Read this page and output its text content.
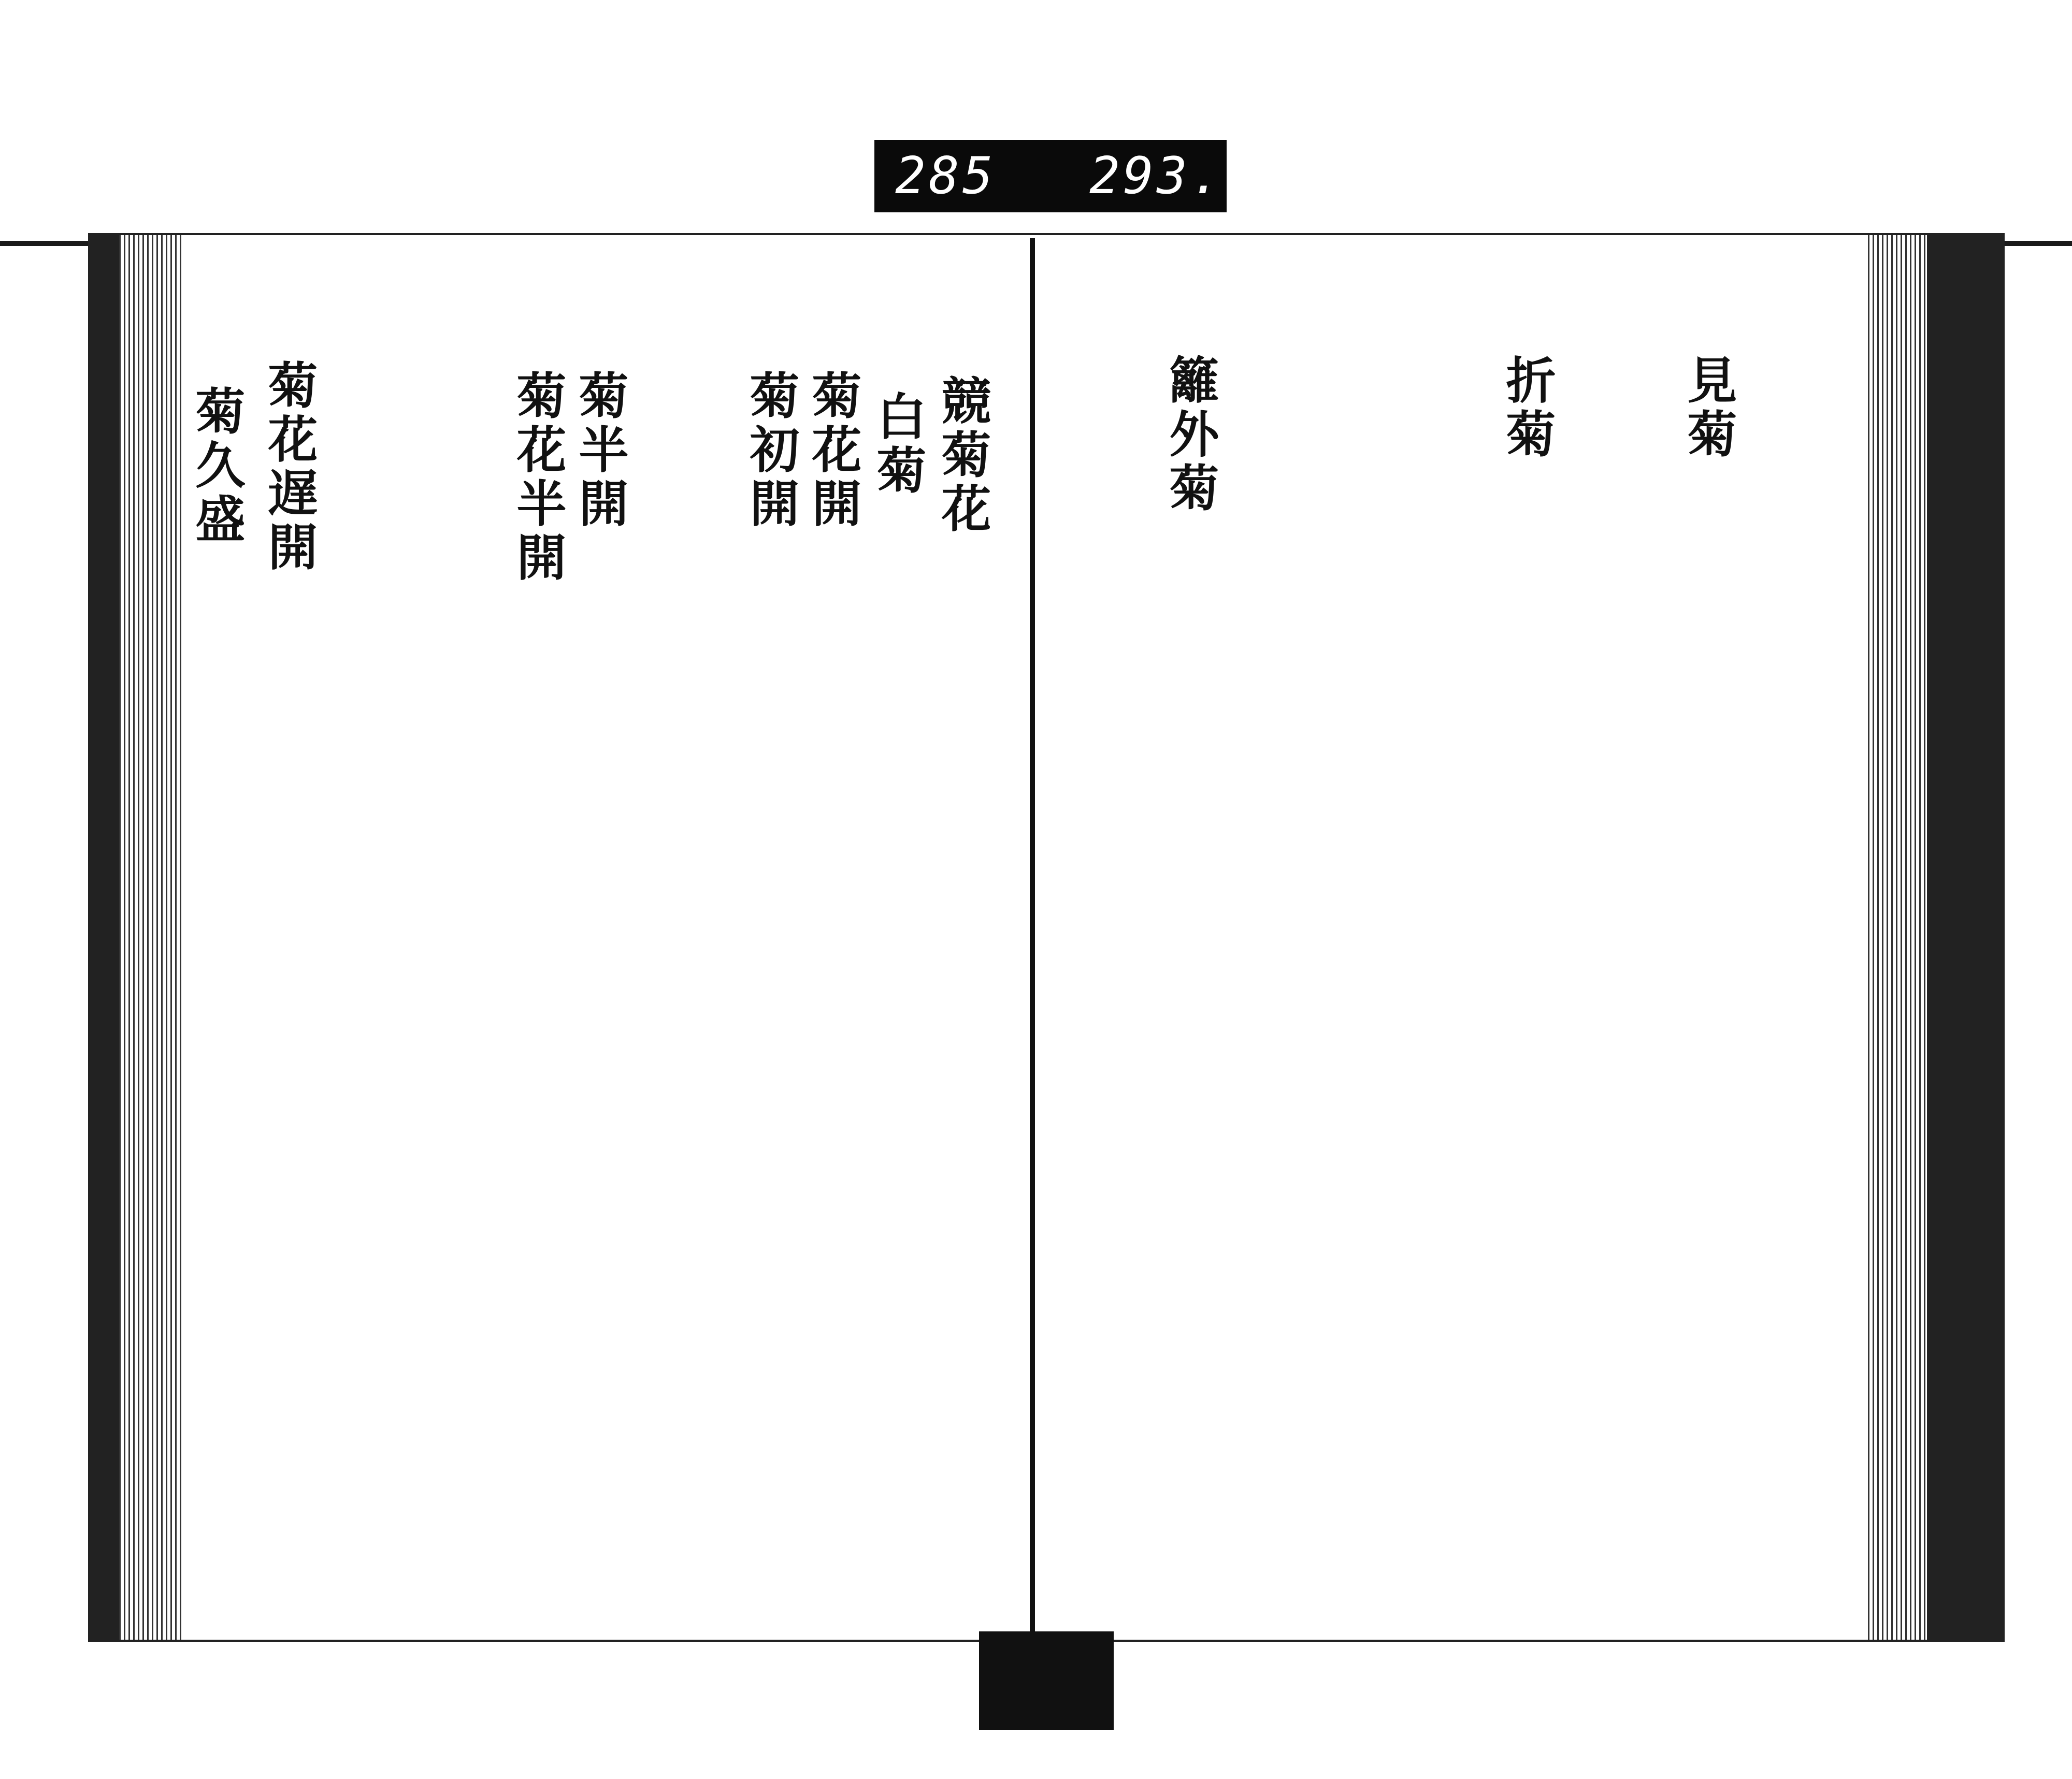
285 293.
競菊花
白菊
菊花開
菊初開
菊半開
菊花半開
菊花遅開
菊久盛	見菊
折菊
籬外菊
